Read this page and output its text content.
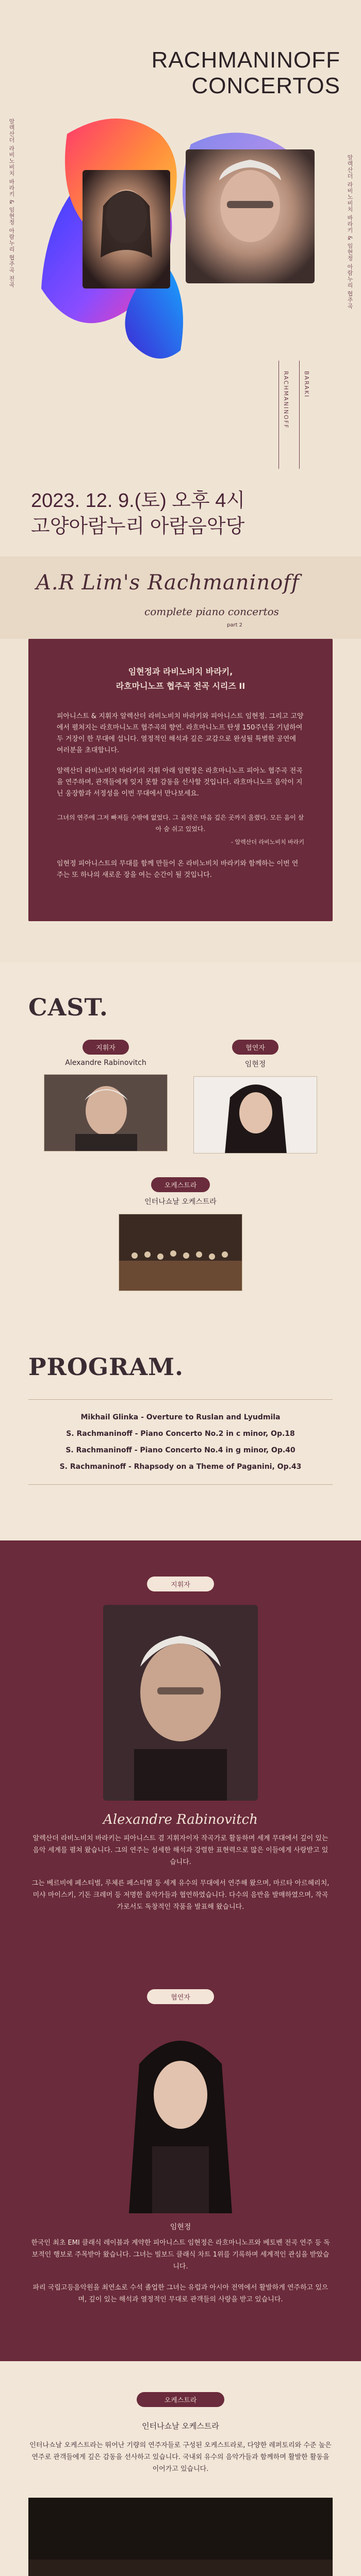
RACHMANINOFF
CONCERTOS
알렉산더 라비노비치 바라키 & 임현정 아람누리 협주곡 전곡	알렉산더 라비노비치 바라키 & 임현정 아람누리 협주곡
RACHMANINOFF BARAKI
2023. 12. 9.(토) 오후 4시
고양아람누리 아람음악당
A.R Lim's Rachmaninoff
complete piano concertos
part 2
임현정과 라비노비치 바라키,
라흐마니노프 협주곡 전곡 시리즈 II

피아니스트 & 지휘자 알렉산더 라비노비치 바라키와 피아니스트 임현정. 그리고 고양에서 펼쳐지는 라흐마니노프 협주곡의 향연. 라흐마니노프 탄생 150주년을 기념하여 두 거장이 한 무대에 섭니다. 열정적인 해석과 깊은 교감으로 완성될 특별한 공연에 여러분을 초대합니다.

알렉산더 라비노비치 바라키의 지휘 아래 임현정은 라흐마니노프 피아노 협주곡 전곡을 연주하며, 관객들에게 잊지 못할 감동을 선사할 것입니다. 라흐마니노프 음악이 지닌 웅장함과 서정성을 이번 무대에서 만나보세요.

그녀의 연주에 그저 빠져들 수밖에 없었다. 그 음악은 마음 깊은 곳까지 울렸다. 모든 음이 살아 숨 쉬고 있었다.
- 알렉산더 라비노비치 바라키

임현정 피아니스트의 무대를 함께 만들어 온 라비노비치 바라키와 함께하는 이번 연주는 또 하나의 새로운 장을 여는 순간이 될 것입니다.

CAST.
지휘자
Alexandre Rabinovitch
협연자
임현정
오케스트라
인터나쇼날 오케스트라
PROGRAM.
Mikhail Glinka - Overture to Ruslan and Lyudmila
S. Rachmaninoff - Piano Concerto No.2 in c minor, Op.18
S. Rachmaninoff - Piano Concerto No.4 in g minor, Op.40
S. Rachmaninoff - Rhapsody on a Theme of Paganini, Op.43
지휘자
Alexandre Rabinovitch

알렉산더 라비노비치 바라키는 피아니스트 겸 지휘자이자 작곡가로 활동하며 세계 무대에서 깊이 있는 음악 세계를 펼쳐 왔습니다. 그의 연주는 섬세한 해석과 강렬한 표현력으로 많은 이들에게 사랑받고 있습니다.

그는 베르비에 페스티벌, 루체른 페스티벌 등 세계 유수의 무대에서 연주해 왔으며, 마르타 아르헤리치, 미샤 마이스키, 기돈 크레머 등 저명한 음악가들과 협연하였습니다. 다수의 음반을 발매하였으며, 작곡가로서도 독창적인 작품을 발표해 왔습니다.

협연자
임현정

한국인 최초 EMI 클래식 레이블과 계약한 피아니스트 임현정은 라흐마니노프와 베토벤 전곡 연주 등 독보적인 행보로 주목받아 왔습니다. 그녀는 빌보드 클래식 차트 1위를 기록하며 세계적인 관심을 받았습니다.

파리 국립고등음악원을 최연소로 수석 졸업한 그녀는 유럽과 아시아 전역에서 활발하게 연주하고 있으며, 깊이 있는 해석과 열정적인 무대로 관객들의 사랑을 받고 있습니다.

오케스트라
인터나쇼날 오케스트라

인터나쇼날 오케스트라는 뛰어난 기량의 연주자들로 구성된 오케스트라로, 다양한 레퍼토리와 수준 높은 연주로 관객들에게 깊은 감동을 선사하고 있습니다. 국내외 유수의 음악가들과 함께하며 활발한 활동을 이어가고 있습니다.
